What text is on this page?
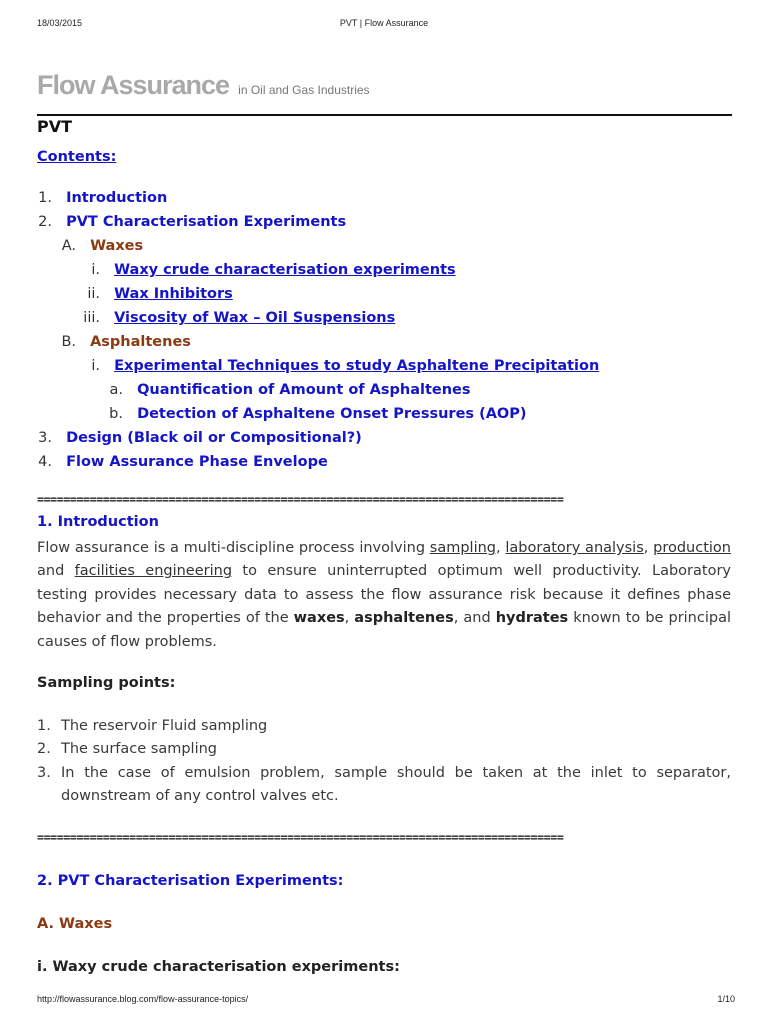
18/03/2015	PVT | Flow Assurance
Flow Assurance in Oil and Gas Industries
PVT
Contents:
1. Introduction
2. PVT Characterisation Experiments
A. Waxes
i. Waxy crude characterisation experiments
ii. Wax Inhibitors
iii. Viscosity of Wax – Oil Suspensions
B. Asphaltenes
i. Experimental Techniques to study Asphaltene Precipitation
a. Quantification of Amount of Asphaltenes
b. Detection of Asphaltene Onset Pressures (AOP)
3. Design (Black oil or Compositional?)
4. Flow Assurance Phase Envelope
================================================================================
1. Introduction
Flow assurance is a multi-discipline process involving sampling, laboratory analysis, production and facilities engineering to ensure uninterrupted optimum well productivity. Laboratory testing provides necessary data to assess the flow assurance risk because it defines phase behavior and the properties of the waxes, asphaltenes, and hydrates known to be principal causes of flow problems.
Sampling points:
1. The reservoir Fluid sampling
2. The surface sampling
3. In the case of emulsion problem, sample should be taken at the inlet to separator, downstream of any control valves etc.
================================================================================
2. PVT Characterisation Experiments:
A. Waxes
i. Waxy crude characterisation experiments:
http://flowassurance.blog.com/flow-assurance-topics/	1/10
